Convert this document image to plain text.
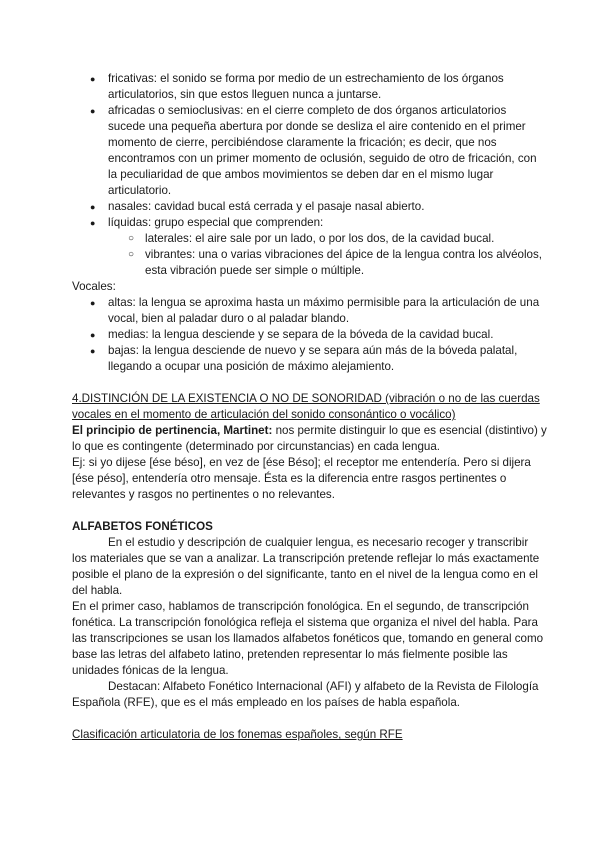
● fricativas: el sonido se forma por medio de un estrechamiento de los órganos
articulatorios, sin que estos lleguen nunca a juntarse.
● africadas o semioclusivas: en el cierre completo de dos órganos articulatorios
sucede una pequeña abertura por donde se desliza el aire contenido en el primer
momento de cierre, percibiéndose claramente la fricación; es decir, que nos
encontramos con un primer momento de oclusión, seguido de otro de fricación, con
la peculiaridad de que ambos movimientos se deben dar en el mismo lugar
articulatorio.
● nasales: cavidad bucal está cerrada y el pasaje nasal abierto.
● líquidas: grupo especial que comprenden:
○ laterales: el aire sale por un lado, o por los dos, de la cavidad bucal.
○ vibrantes: una o varias vibraciones del ápice de la lengua contra los alvéolos,
esta vibración puede ser simple o múltiple.
Vocales:
● altas: la lengua se aproxima hasta un máximo permisible para la articulación de una
vocal, bien al paladar duro o al paladar blando.
● medias: la lengua desciende y se separa de la bóveda de la cavidad bucal.
● bajas: la lengua desciende de nuevo y se separa aún más de la bóveda palatal,
llegando a ocupar una posición de máximo alejamiento.
4.DISTINCIÓN DE LA EXISTENCIA O NO DE SONORIDAD (vibración o no de las cuerdas
vocales en el momento de articulación del sonido consonántico o vocálico)
El principio de pertinencia, Martinet: nos permite distinguir lo que es esencial (distintivo) y
lo que es contingente (determinado por circunstancias) en cada lengua.
Ej: si yo dijese [ése béso], en vez de [ése Béso]; el receptor me entendería. Pero si dijera
[ése péso], entendería otro mensaje. Ésta es la diferencia entre rasgos pertinentes o
relevantes y rasgos no pertinentes o no relevantes.
ALFABETOS FONÉTICOS
En el estudio y descripción de cualquier lengua, es necesario recoger y transcribir
los materiales que se van a analizar. La transcripción pretende reflejar lo más exactamente
posible el plano de la expresión o del significante, tanto en el nivel de la lengua como en el
del habla.
En el primer caso, hablamos de transcripción fonológica. En el segundo, de transcripción
fonética. La transcripción fonológica refleja el sistema que organiza el nivel del habla. Para
las transcripciones se usan los llamados alfabetos fonéticos que, tomando en general como
base las letras del alfabeto latino, pretenden representar lo más fielmente posible las
unidades fónicas de la lengua.
Destacan: Alfabeto Fonético Internacional (AFI) y alfabeto de la Revista de Filología
Española (RFE), que es el más empleado en los países de habla española.
Clasificación articulatoria de los fonemas españoles, según RFE
